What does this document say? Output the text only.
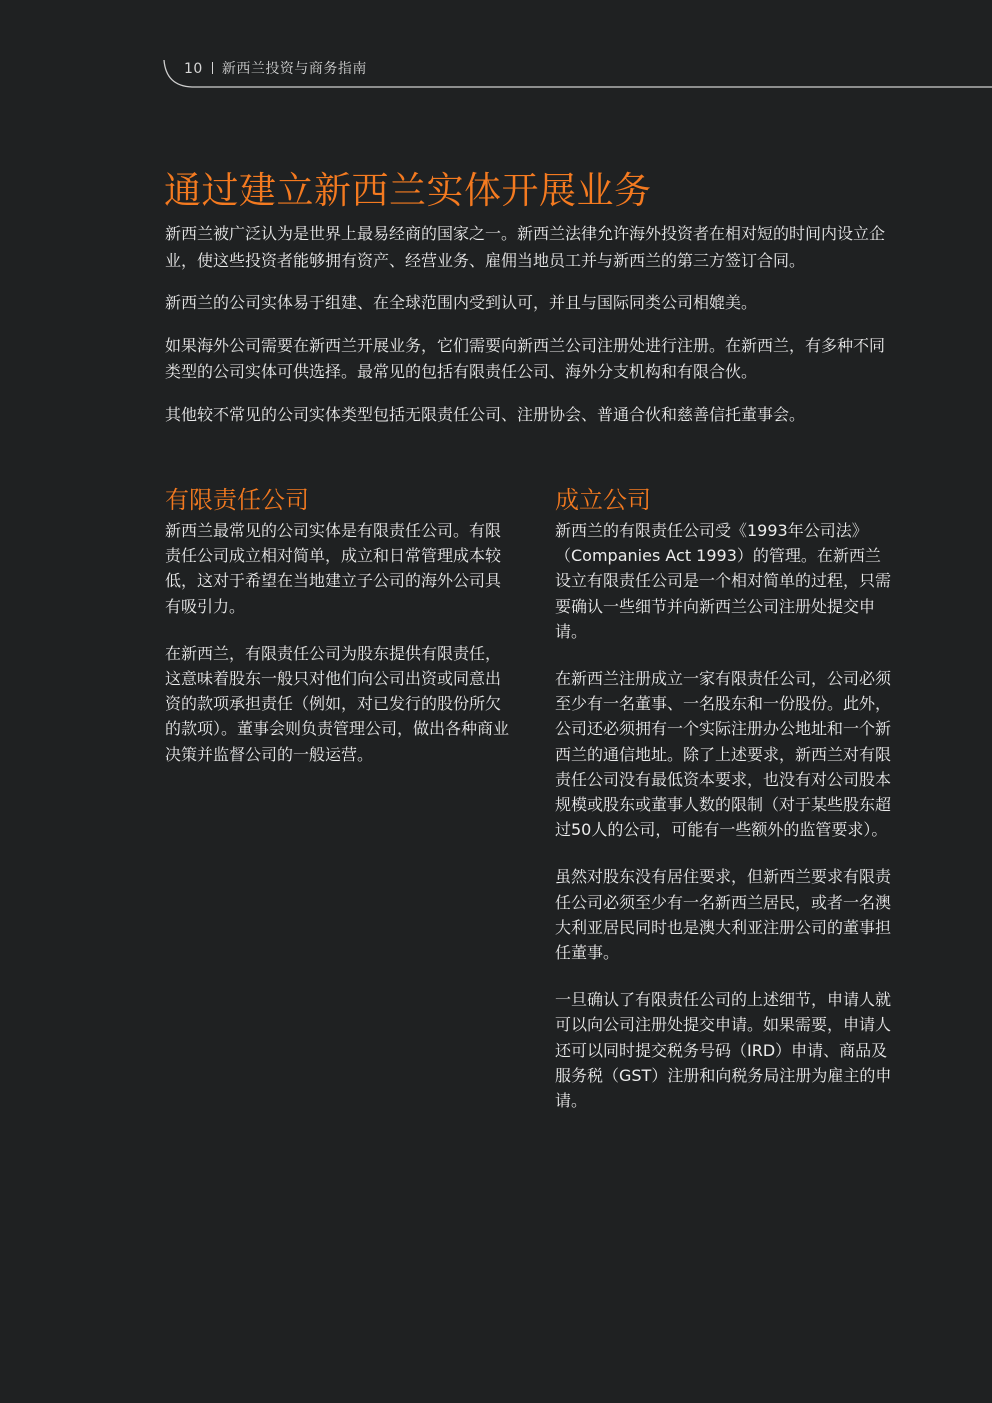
10 新西兰投资与商务指南
通过建立新西兰实体开展业务

新西兰被广泛认为是世界上最易经商的国家之一。新西兰法律允许海外投资者在相对短的时间内设立企业，使这些投资者能够拥有资产、经营业务、雇佣当地员工并与新西兰的第三方签订合同。

新西兰的公司实体易于组建、在全球范围内受到认可，并且与国际同类公司相媲美。

如果海外公司需要在新西兰开展业务，它们需要向新西兰公司注册处进行注册。在新西兰，有多种不同类型的公司实体可供选择。最常见的包括有限责任公司、海外分支机构和有限合伙。

其他较不常见的公司实体类型包括无限责任公司、注册协会、普通合伙和慈善信托董事会。

有限责任公司

新西兰最常见的公司实体是有限责任公司。有限责任公司成立相对简单，成立和日常管理成本较低，这对于希望在当地建立子公司的海外公司具有吸引力。

在新西兰，有限责任公司为股东提供有限责任，这意味着股东一般只对他们向公司出资或同意出资的款项承担责任（例如，对已发行的股份所欠的款项）。董事会则负责管理公司，做出各种商业决策并监督公司的一般运营。

成立公司

新西兰的有限责任公司受《1993年公司法》（Companies Act 1993）的管理。在新西兰设立有限责任公司是一个相对简单的过程，只需要确认一些细节并向新西兰公司注册处提交申请。

在新西兰注册成立一家有限责任公司，公司必须至少有一名董事、一名股东和一份股份。此外，公司还必须拥有一个实际注册办公地址和一个新西兰的通信地址。除了上述要求，新西兰对有限责任公司没有最低资本要求，也没有对公司股本规模或股东或董事人数的限制（对于某些股东超过50人的公司，可能有一些额外的监管要求）。

虽然对股东没有居住要求，但新西兰要求有限责任公司必须至少有一名新西兰居民，或者一名澳大利亚居民同时也是澳大利亚注册公司的董事担任董事。

一旦确认了有限责任公司的上述细节，申请人就可以向公司注册处提交申请。如果需要，申请人还可以同时提交税务号码（IRD）申请、商品及服务税（GST）注册和向税务局注册为雇主的申请。
